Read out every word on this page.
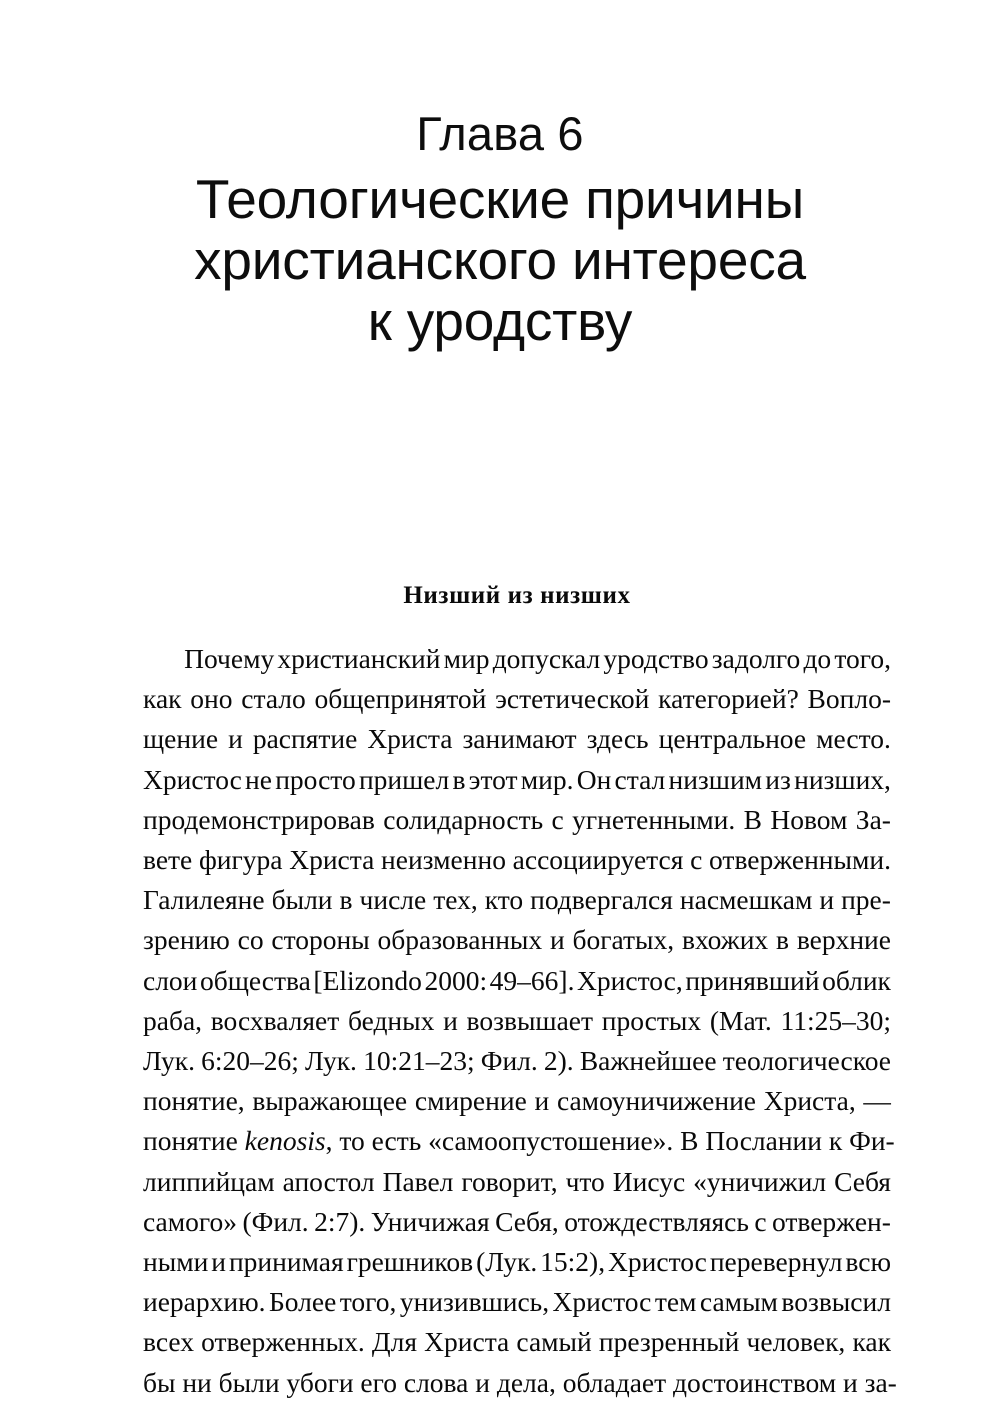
Глава 6
Теологические причины
христианского интереса
к уродству
Низший из низших

Почему христианский мир допускал уродство задолго до того,
как оно стало общепринятой эстетической категорией? Вопло-
щение и распятие Христа занимают здесь центральное место.
Христос не просто пришел в этот мир. Он стал низшим из низших,
продемонстрировав солидарность с угнетенными. В Новом За-
вете фигура Христа неизменно ассоциируется с отверженными.
Галилеяне были в числе тех, кто подвергался насмешкам и пре-
зрению со стороны образованных и богатых, вхожих в верхние
слои общества [Elizondo 2000: 49–66]. Христос, принявший облик
раба, восхваляет бедных и возвышает простых (Мат. 11:25–30;
Лук. 6:20–26; Лук. 10:21–23; Фил. 2). Важнейшее теологическое
понятие, выражающее смирение и самоуничижение Христа, —
понятие kenosis, то есть «самоопустошение». В Послании к Фи-
липпийцам апостол Павел говорит, что Иисус «уничижил Себя
самого» (Фил. 2:7). Уничижая Себя, отождествляясь с отвержен-
ными и принимая грешников (Лук. 15:2), Христос перевернул всю
иерархию. Более того, унизившись, Христос тем самым возвысил
всех отверженных. Для Христа самый презренный человек, как
бы ни были убоги его слова и дела, обладает достоинством и за-
